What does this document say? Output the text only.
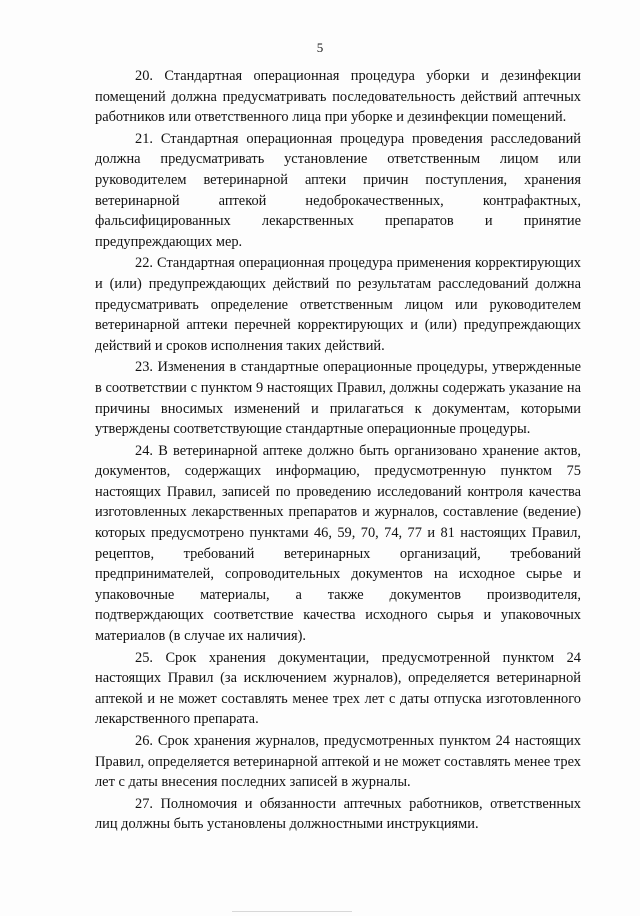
5

20. Стандартная операционная процедура уборки и дезинфекции помещений должна предусматривать последовательность действий аптечных работников или ответственного лица при уборке и дезинфекции помещений.

21. Стандартная операционная процедура проведения расследований должна предусматривать установление ответственным лицом или руководителем ветеринарной аптеки причин поступления, хранения ветеринарной аптекой недоброкачественных, контрафактных, фальсифицированных лекарственных препаратов и принятие предупреждающих мер.

22. Стандартная операционная процедура применения корректирующих и (или) предупреждающих действий по результатам расследований должна предусматривать определение ответственным лицом или руководителем ветеринарной аптеки перечней корректирующих и (или) предупреждающих действий и сроков исполнения таких действий.

23. Изменения в стандартные операционные процедуры, утвержденные в соответствии с пунктом 9 настоящих Правил, должны содержать указание на причины вносимых изменений и прилагаться к документам, которыми утверждены соответствующие стандартные операционные процедуры.

24. В ветеринарной аптеке должно быть организовано хранение актов, документов, содержащих информацию, предусмотренную пунктом 75 настоящих Правил, записей по проведению исследований контроля качества изготовленных лекарственных препаратов и журналов, составление (ведение) которых предусмотрено пунктами 46, 59, 70, 74, 77 и 81 настоящих Правил, рецептов, требований ветеринарных организаций, требований предпринимателей, сопроводительных документов на исходное сырье и упаковочные материалы, а также документов производителя, подтверждающих соответствие качества исходного сырья и упаковочных материалов (в случае их наличия).

25. Срок хранения документации, предусмотренной пунктом 24 настоящих Правил (за исключением журналов), определяется ветеринарной аптекой и не может составлять менее трех лет с даты отпуска изготовленного лекарственного препарата.

26. Срок хранения журналов, предусмотренных пунктом 24 настоящих Правил, определяется ветеринарной аптекой и не может составлять менее трех лет с даты внесения последних записей в журналы.

27. Полномочия и обязанности аптечных работников, ответственных лиц должны быть установлены должностными инструкциями.
